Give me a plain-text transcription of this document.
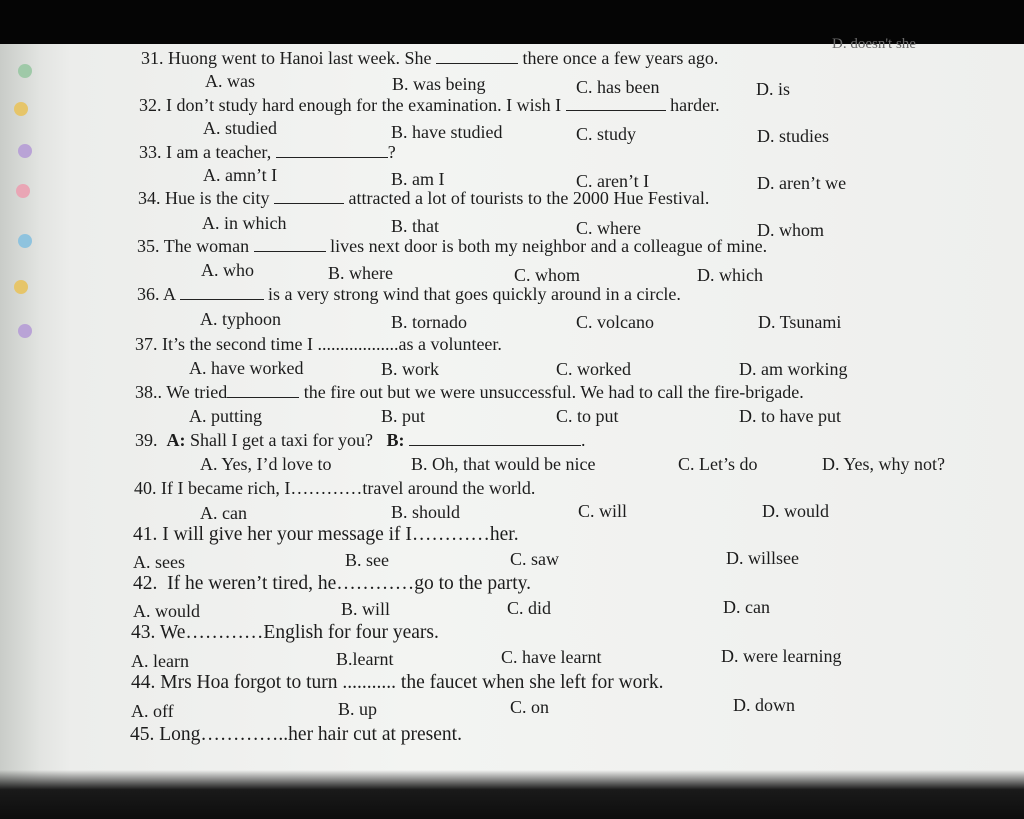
D. doesn't she
31. Huong went to Hanoi last week. She	there once a few years ago.
A. was	B. was being	C. has been	D. is
32. I don’t study hard enough for the examination. I wish I	harder.
A. studied	B. have studied	C. study	D. studies
33. I am a teacher,	?
A. amn’t I	B. am I	C. aren’t I	D. aren’t we
34. Hue is the city	attracted a lot of tourists to the 2000 Hue Festival.
A. in which	B. that	C. where	D. whom
35. The woman	lives next door is both my neighbor and a colleague of mine.
A. who	B. where	C. whom	D. which
36. A	is a very strong wind that goes quickly around in a circle.
A. typhoon	B. tornado	C. volcano	D. Tsunami
37. It’s the second time I ..................as a volunteer.
A. have worked	B. work	C. worked	D. am working
38.. We tried	the fire out but we were unsuccessful. We had to call the fire-brigade.
A. putting	B. put	C. to put	D. to have put
39. A: Shall I get a taxi for you? B:	.
A. Yes, I’d love to	B. Oh, that would be nice	C. Let’s do	D. Yes, why not?
40. If I became rich, I…………travel around the world.
A. can	B. should	C. will	D. would
41. I will give her your message if I…………her.
A. sees	B. see	C. saw	D. willsee
42. If he weren’t tired, he…………go to the party.
A. would	B. will	C. did	D. can
43. We…………English for four years.
A. learn	B.learnt	C. have learnt	D. were learning
44. Mrs Hoa forgot to turn ........... the faucet when she left for work.
A. off	B. up	C. on	D. down
45. Long…………..her hair cut at present.
